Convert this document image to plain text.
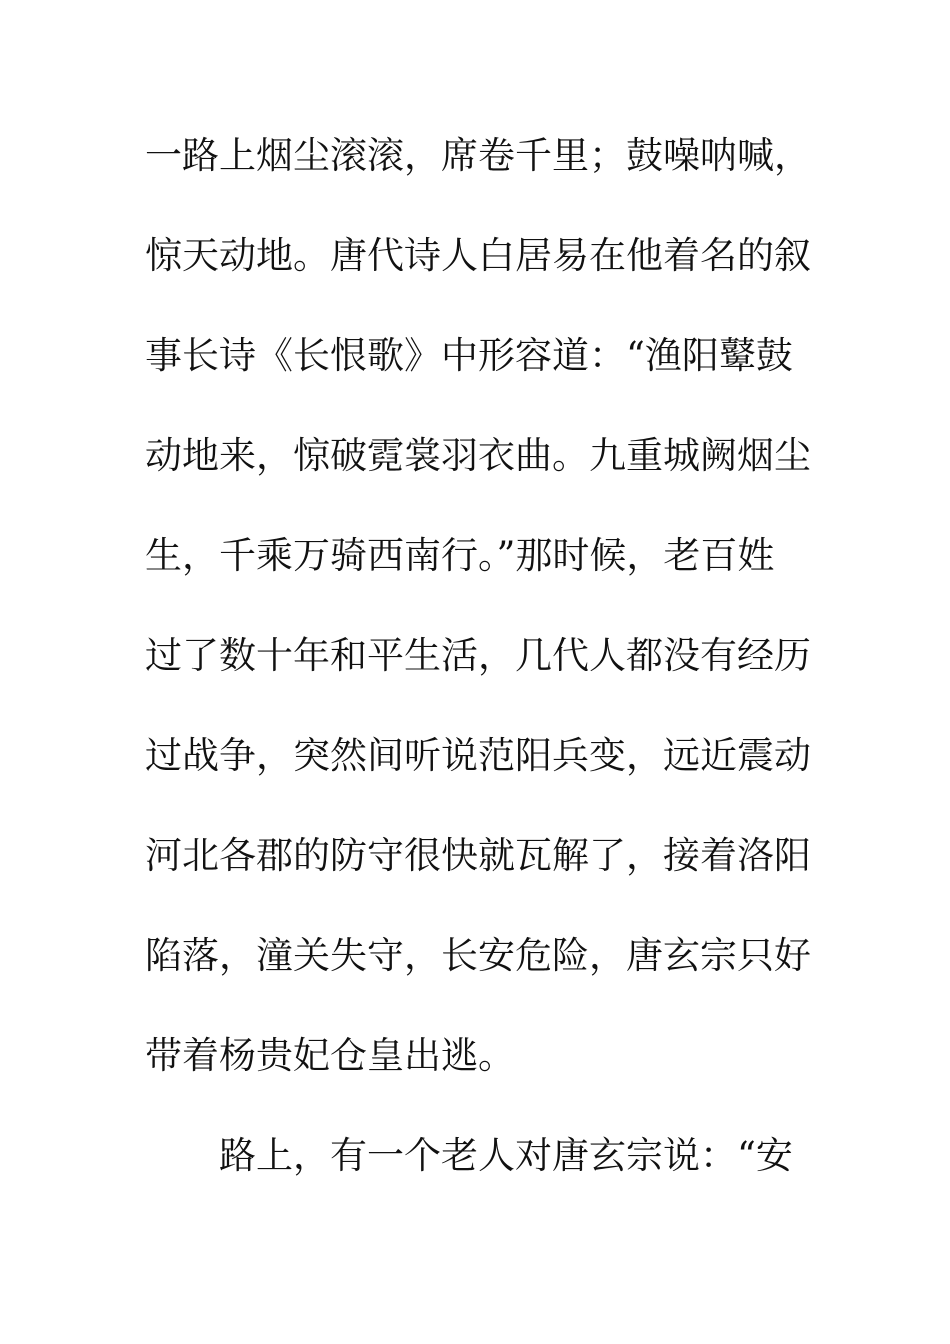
一路上烟尘滚滚，席卷千里；鼓噪呐喊，
惊天动地。唐代诗人白居易在他着名的叙
事长诗《长恨歌》中形容道：“渔阳鼙鼓
动地来，惊破霓裳羽衣曲。九重城阙烟尘
生，千乘万骑西南行。”那时候，老百姓
过了数十年和平生活，几代人都没有经历
过战争，突然间听说范阳兵变，远近震动
河北各郡的防守很快就瓦解了，接着洛阳
陷落，潼关失守，长安危险，唐玄宗只好
带着杨贵妃仓皇出逃。
路上，有一个老人对唐玄宗说：“安
